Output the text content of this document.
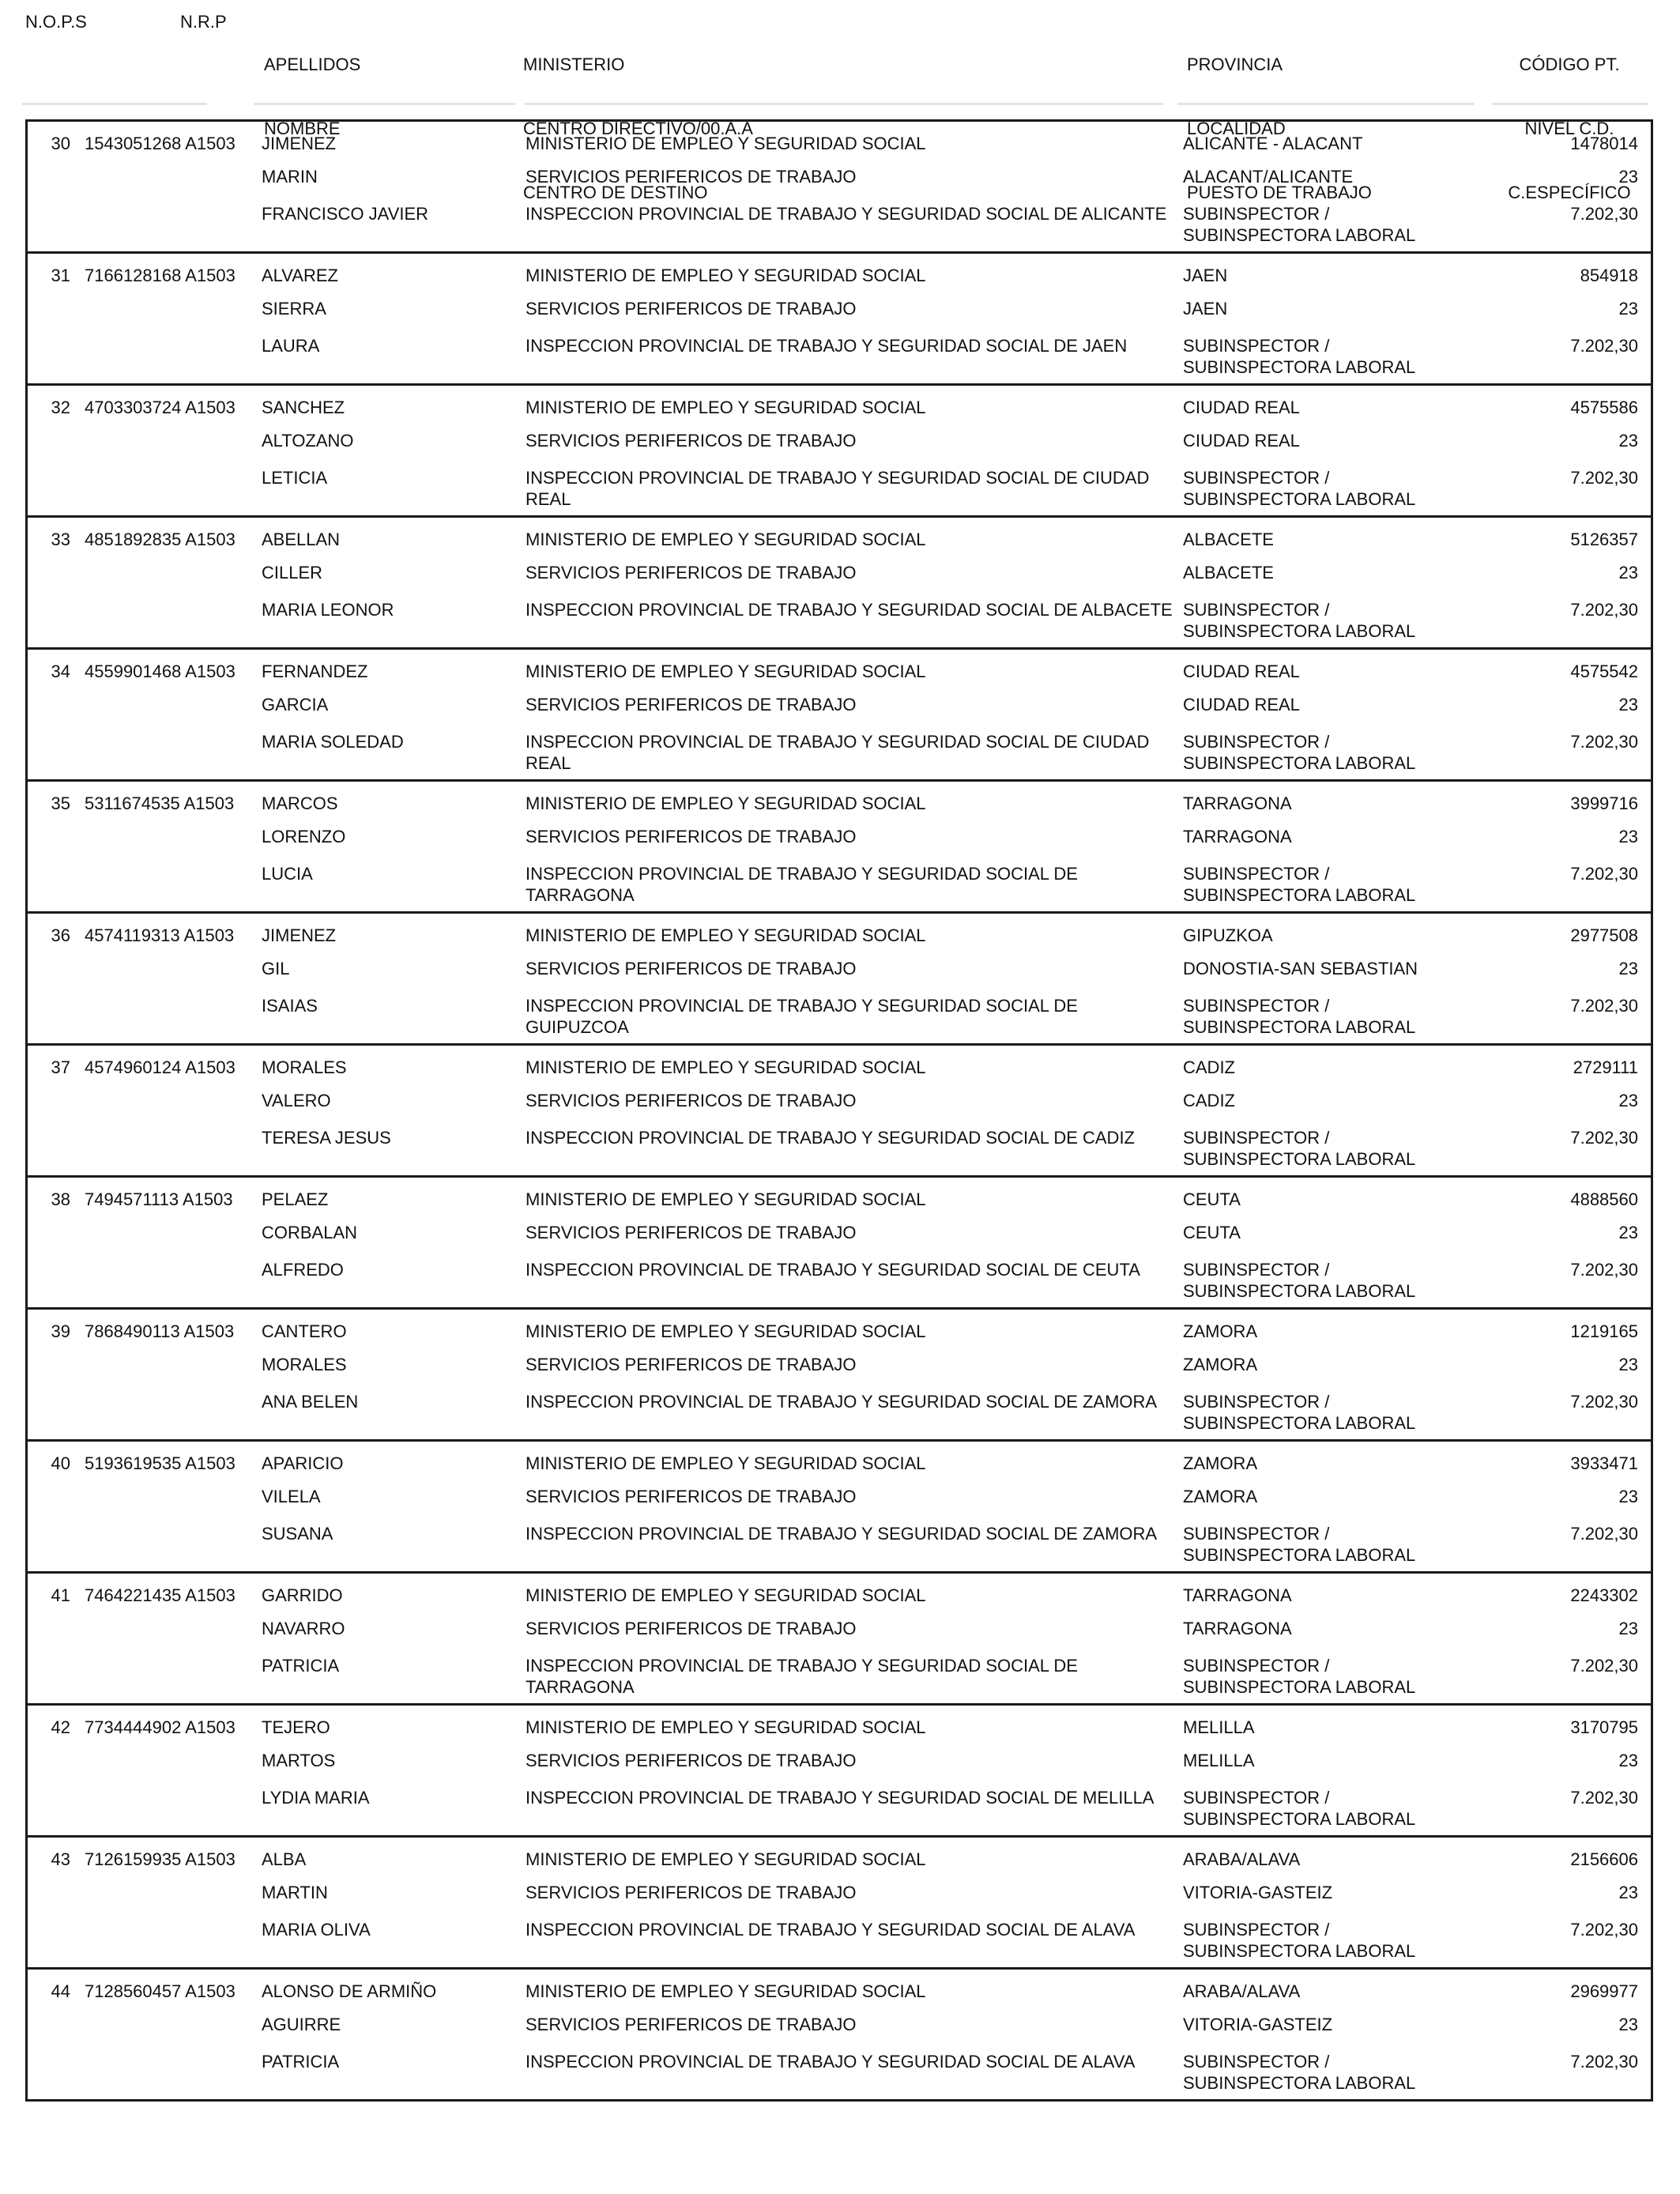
N.O.P.S	N.R.P

APELLIDOS

NOMBRE

MINISTERIO

CENTRO DIRECTIVO/00.A.A

CENTRO DE DESTINO

PROVINCIA

LOCALIDAD

PUESTO DE TRABAJO

CÓDIGO PT.

NIVEL C.D.

C.ESPECÍFICO

30 1543051268 A1503 JIMENEZ
MARIN
FRANCISCO JAVIER
MINISTERIO DE EMPLEO Y SEGURIDAD SOCIAL
SERVICIOS PERIFERICOS DE TRABAJO
INSPECCION PROVINCIAL DE TRABAJO Y SEGURIDAD SOCIAL DE ALICANTE
ALICANTE - ALACANT
ALACANT/ALICANTE
SUBINSPECTOR / SUBINSPECTORA LABORAL
1478014
23
7.202,30
31 7166128168 A1503 ALVAREZ
SIERRA
LAURA
MINISTERIO DE EMPLEO Y SEGURIDAD SOCIAL
SERVICIOS PERIFERICOS DE TRABAJO
INSPECCION PROVINCIAL DE TRABAJO Y SEGURIDAD SOCIAL DE JAEN
JAEN
JAEN
SUBINSPECTOR / SUBINSPECTORA LABORAL
854918
23
7.202,30
32 4703303724 A1503 SANCHEZ
ALTOZANO
LETICIA
MINISTERIO DE EMPLEO Y SEGURIDAD SOCIAL
SERVICIOS PERIFERICOS DE TRABAJO
INSPECCION PROVINCIAL DE TRABAJO Y SEGURIDAD SOCIAL DE CIUDAD REAL
CIUDAD REAL
CIUDAD REAL
SUBINSPECTOR / SUBINSPECTORA LABORAL
4575586
23
7.202,30
33 4851892835 A1503 ABELLAN
CILLER
MARIA LEONOR
MINISTERIO DE EMPLEO Y SEGURIDAD SOCIAL
SERVICIOS PERIFERICOS DE TRABAJO
INSPECCION PROVINCIAL DE TRABAJO Y SEGURIDAD SOCIAL DE ALBACETE
ALBACETE
ALBACETE
SUBINSPECTOR / SUBINSPECTORA LABORAL
5126357
23
7.202,30
34 4559901468 A1503 FERNANDEZ
GARCIA
MARIA SOLEDAD
MINISTERIO DE EMPLEO Y SEGURIDAD SOCIAL
SERVICIOS PERIFERICOS DE TRABAJO
INSPECCION PROVINCIAL DE TRABAJO Y SEGURIDAD SOCIAL DE CIUDAD REAL
CIUDAD REAL
CIUDAD REAL
SUBINSPECTOR / SUBINSPECTORA LABORAL
4575542
23
7.202,30
35 5311674535 A1503 MARCOS
LORENZO
LUCIA
MINISTERIO DE EMPLEO Y SEGURIDAD SOCIAL
SERVICIOS PERIFERICOS DE TRABAJO
INSPECCION PROVINCIAL DE TRABAJO Y SEGURIDAD SOCIAL DE TARRAGONA
TARRAGONA
TARRAGONA
SUBINSPECTOR / SUBINSPECTORA LABORAL
3999716
23
7.202,30
36 4574119313 A1503 JIMENEZ
GIL
ISAIAS
MINISTERIO DE EMPLEO Y SEGURIDAD SOCIAL
SERVICIOS PERIFERICOS DE TRABAJO
INSPECCION PROVINCIAL DE TRABAJO Y SEGURIDAD SOCIAL DE GUIPUZCOA
GIPUZKOA
DONOSTIA-SAN SEBASTIAN
SUBINSPECTOR / SUBINSPECTORA LABORAL
2977508
23
7.202,30
37 4574960124 A1503 MORALES
VALERO
TERESA JESUS
MINISTERIO DE EMPLEO Y SEGURIDAD SOCIAL
SERVICIOS PERIFERICOS DE TRABAJO
INSPECCION PROVINCIAL DE TRABAJO Y SEGURIDAD SOCIAL DE CADIZ
CADIZ
CADIZ
SUBINSPECTOR / SUBINSPECTORA LABORAL
2729111
23
7.202,30
38 7494571113 A1503 PELAEZ
CORBALAN
ALFREDO
MINISTERIO DE EMPLEO Y SEGURIDAD SOCIAL
SERVICIOS PERIFERICOS DE TRABAJO
INSPECCION PROVINCIAL DE TRABAJO Y SEGURIDAD SOCIAL DE CEUTA
CEUTA
CEUTA
SUBINSPECTOR / SUBINSPECTORA LABORAL
4888560
23
7.202,30
39 7868490113 A1503 CANTERO
MORALES
ANA BELEN
MINISTERIO DE EMPLEO Y SEGURIDAD SOCIAL
SERVICIOS PERIFERICOS DE TRABAJO
INSPECCION PROVINCIAL DE TRABAJO Y SEGURIDAD SOCIAL DE ZAMORA
ZAMORA
ZAMORA
SUBINSPECTOR / SUBINSPECTORA LABORAL
1219165
23
7.202,30
40 5193619535 A1503 APARICIO
VILELA
SUSANA
MINISTERIO DE EMPLEO Y SEGURIDAD SOCIAL
SERVICIOS PERIFERICOS DE TRABAJO
INSPECCION PROVINCIAL DE TRABAJO Y SEGURIDAD SOCIAL DE ZAMORA
ZAMORA
ZAMORA
SUBINSPECTOR / SUBINSPECTORA LABORAL
3933471
23
7.202,30
41 7464221435 A1503 GARRIDO
NAVARRO
PATRICIA
MINISTERIO DE EMPLEO Y SEGURIDAD SOCIAL
SERVICIOS PERIFERICOS DE TRABAJO
INSPECCION PROVINCIAL DE TRABAJO Y SEGURIDAD SOCIAL DE TARRAGONA
TARRAGONA
TARRAGONA
SUBINSPECTOR / SUBINSPECTORA LABORAL
2243302
23
7.202,30
42 7734444902 A1503 TEJERO
MARTOS
LYDIA MARIA
MINISTERIO DE EMPLEO Y SEGURIDAD SOCIAL
SERVICIOS PERIFERICOS DE TRABAJO
INSPECCION PROVINCIAL DE TRABAJO Y SEGURIDAD SOCIAL DE MELILLA
MELILLA
MELILLA
SUBINSPECTOR / SUBINSPECTORA LABORAL
3170795
23
7.202,30
43 7126159935 A1503 ALBA
MARTIN
MARIA OLIVA
MINISTERIO DE EMPLEO Y SEGURIDAD SOCIAL
SERVICIOS PERIFERICOS DE TRABAJO
INSPECCION PROVINCIAL DE TRABAJO Y SEGURIDAD SOCIAL DE ALAVA
ARABA/ALAVA
VITORIA-GASTEIZ
SUBINSPECTOR / SUBINSPECTORA LABORAL
2156606
23
7.202,30
44 7128560457 A1503 ALONSO DE ARMIÑO
AGUIRRE
PATRICIA
MINISTERIO DE EMPLEO Y SEGURIDAD SOCIAL
SERVICIOS PERIFERICOS DE TRABAJO
INSPECCION PROVINCIAL DE TRABAJO Y SEGURIDAD SOCIAL DE ALAVA
ARABA/ALAVA
VITORIA-GASTEIZ
SUBINSPECTOR / SUBINSPECTORA LABORAL
2969977
23
7.202,30
